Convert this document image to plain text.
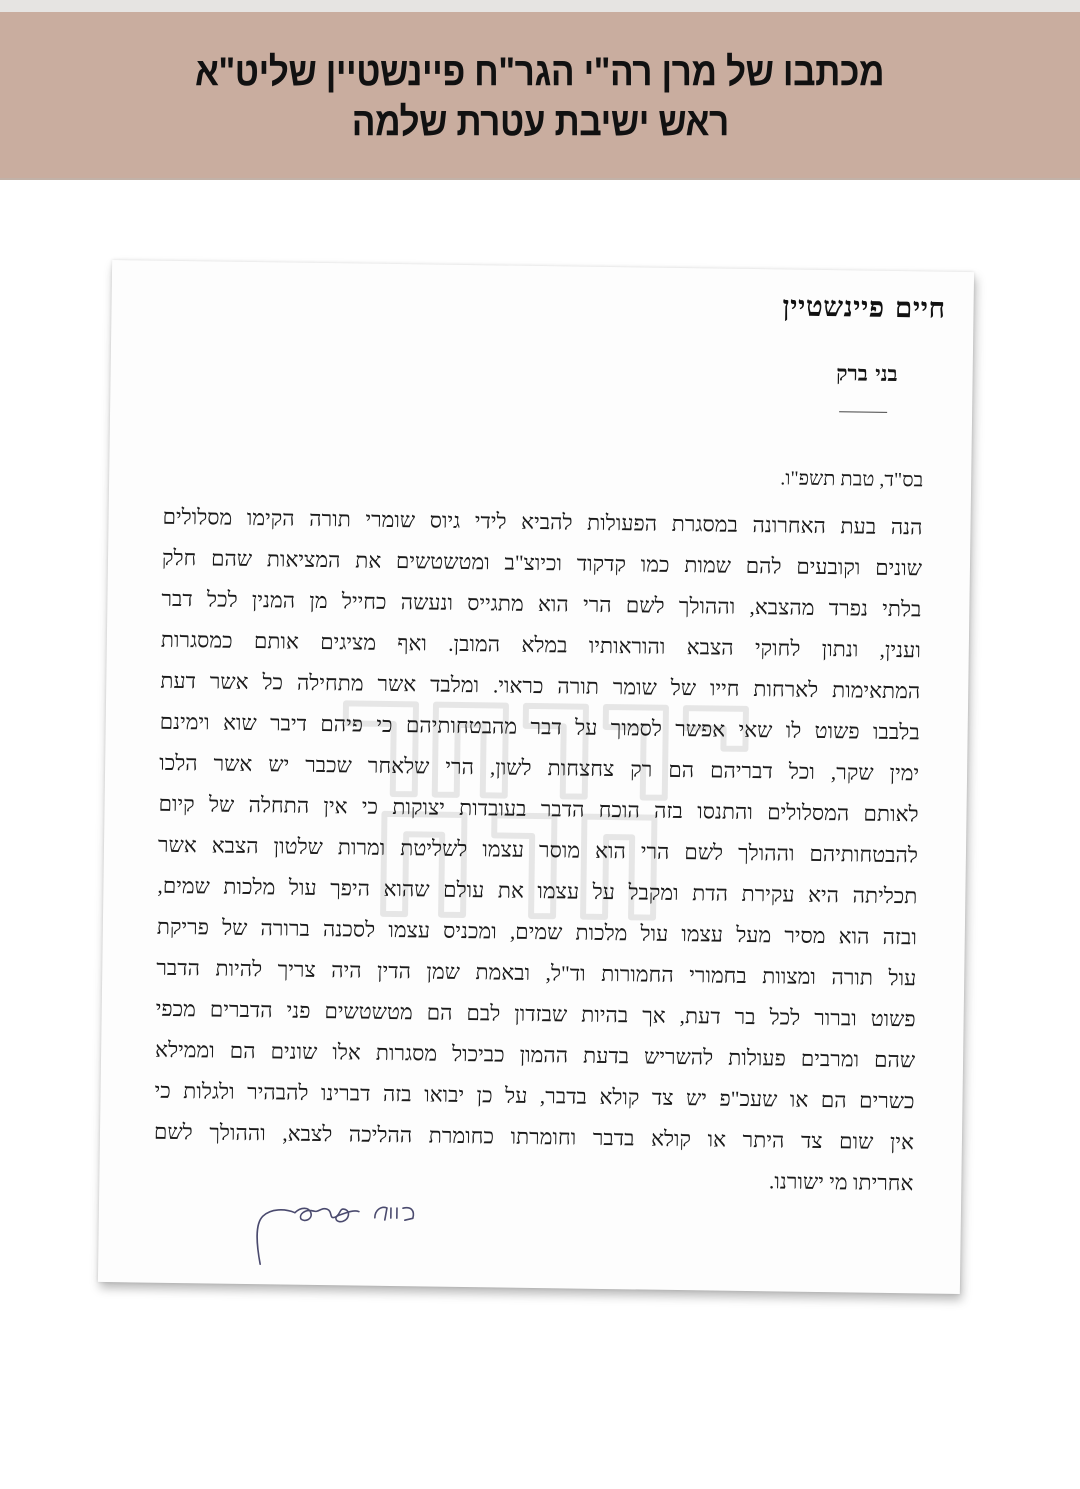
מכתבו של מרן רה"י הגר"ח פיינשטיין שליט"א
ראש ישיבת עטרת שלמה
חיים פיינשטיין
בני ברק
בס"ד, טבת תשפ"ו.
הנה בעת האחרונה במסגרת הפעולות להביא לידי גיוס שומרי תורה הקימו מסלולים
שונים וקובעים להם שמות כמו קדקוד וכיוצ"ב ומטשטשים את המציאות שהם חלק
בלתי נפרד מהצבא, וההולך לשם הרי הוא מתגייס ונעשה כחייל מן המנין לכל דבר
וענין, ונתון לחוקי הצבא והוראותיו במלא המובן. ואף מציגים אותם כמסגרות
המתאימות לארחות חייו של שומר תורה כראוי. ומלבד אשר מתחילה כל אשר דעת
בלבבו פשוט לו שאי אפשר לסמוך על דבר מהבטחותיהם כי פיהם דיבר שוא וימינם
ימין שקר, וכל דבריהם הם רק צחצחות לשון, הרי שלאחר שכבר יש אשר הלכו
לאותם המסלולים והתנסו בזה הוכח הדבר בעובדות יצוקות כי אין התחלה של קיום
להבטחותיהם וההולך לשם הרי הוא מוסר עצמו לשליטת ומרות שלטון הצבא אשר
תכליתה היא עקירת הדת ומקבל על עצמו את עולם שהוא היפך עול מלכות שמים,
ובזה הוא מסיר מעל עצמו עול מלכות שמים, ומכניס עצמו לסכנה ברורה של פריקת
עול תורה ומצוות בחמורי החמורות וד"ל, ובאמת שמן הדין היה צריך להיות הדבר
פשוט וברור לכל בר דעת, אך בהיות שבזדון לבם הם מטשטשים פני הדברים מכפי
שהם ומרבים פעולות להשריש בדעת ההמון כביכול מסגרות אלו שונים הם וממילא
כשרים הם או שעכ"פ יש צד קולא בדבר, על כן יבואו בזה דברינו להבהיר ולגלות כי
אין שום צד היתר או קולא בדבר וחומרתו כחומרת ההליכה לצבא, וההולך לשם
אחריתו מי ישורנו.
